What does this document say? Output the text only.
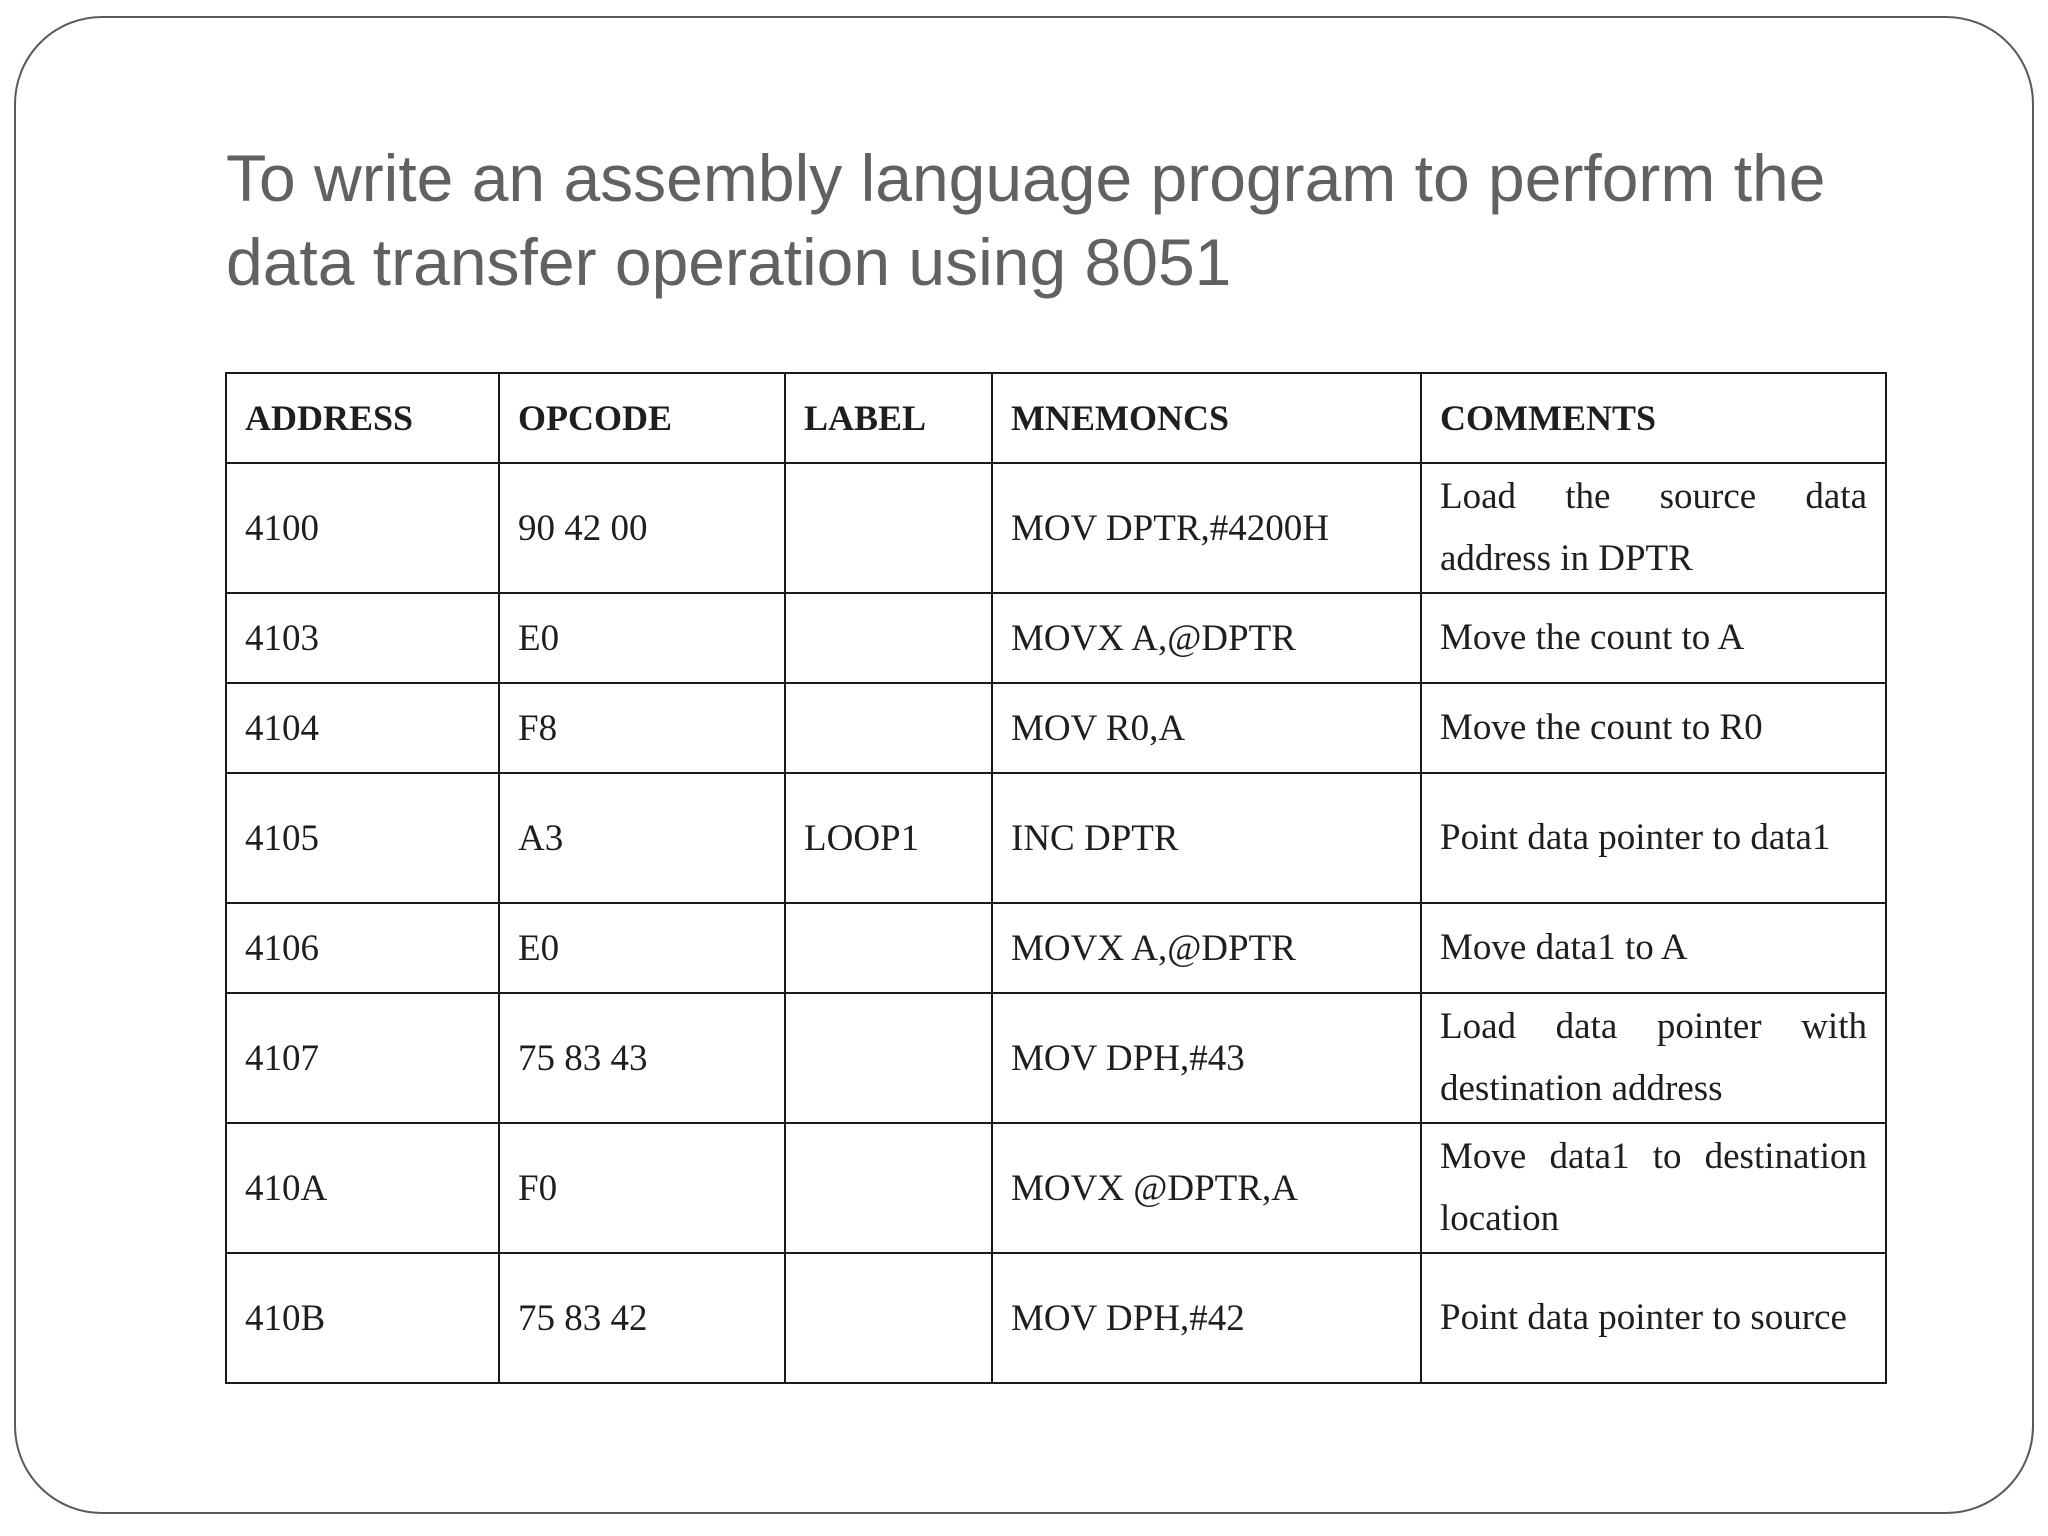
To write an assembly language program to perform the data transfer operation using 8051
ADDRESS	OPCODE	LABEL	MNEMONCS	COMMENTS
4100	90 42 00		MOV DPTR,#4200H	Load the source data address in DPTR
4103	E0		MOVX A,@DPTR	Move the count to A
4104	F8		MOV R0,A	Move the count to R0
4105	A3	LOOP1	INC DPTR	Point data pointer to data1
4106	E0		MOVX A,@DPTR	Move data1 to A
4107	75 83 43		MOV DPH,#43	Load data pointer with destination address
410A	F0		MOVX @DPTR,A	Move data1 to destination location
410B	75 83 42		MOV DPH,#42	Point data pointer to source
